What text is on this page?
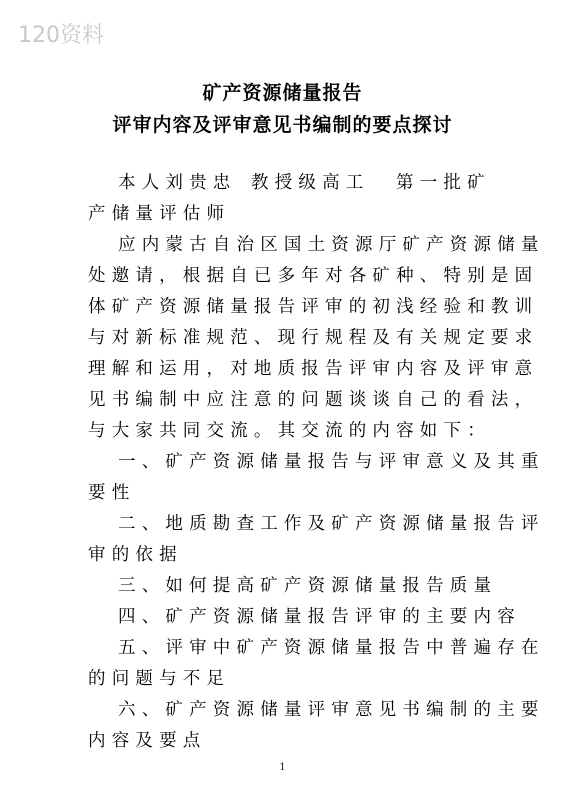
120资料
矿产资源储量报告
评审内容及评审意见书编制的要点探讨
本人刘贵忠 教授级高工 第一批矿
产储量评估师
应内蒙古自治区国土资源厅矿产资源储量
处邀请，根据自已多年对各矿种、特别是固
体矿产资源储量报告评审的初浅经验和教训
与对新标准规范、现行规程及有关规定要求
理解和运用，对地质报告评审内容及评审意
见书编制中应注意的问题谈谈自己的看法，
与大家共同交流。其交流的内容如下：
一、矿产资源储量报告与评审意义及其重
要性
二、地质勘查工作及矿产资源储量报告评
审的依据
三、如何提高矿产资源储量报告质量
四、矿产资源储量报告评审的主要内容
五、评审中矿产资源储量报告中普遍存在
的问题与不足
六、矿产资源储量评审意见书编制的主要
内容及要点
1
